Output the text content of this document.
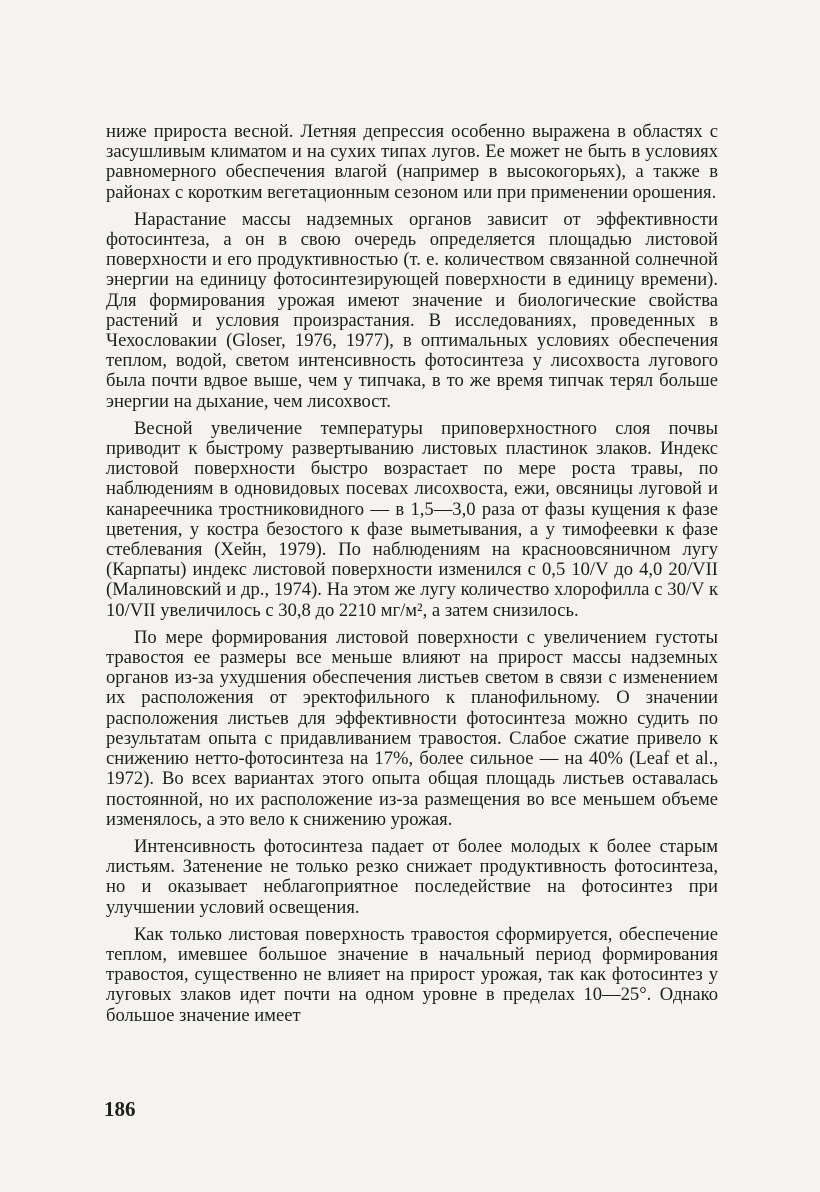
ниже прироста весной. Летняя депрессия особенно выражена в областях с засушливым климатом и на сухих типах лугов. Ее может не быть в условиях равномерного обеспечения влагой (например в высокогорьях), а также в районах с коротким вегетационным сезоном или при применении орошения.

Нарастание массы надземных органов зависит от эффективности фотосинтеза, а он в свою очередь определяется площадью листовой поверхности и его продуктивностью (т. е. количеством связанной солнечной энергии на единицу фотосинтезирующей поверхности в единицу времени). Для формирования урожая имеют значение и биологические свойства растений и условия произрастания. В исследованиях, проведенных в Чехословакии (Gloser, 1976, 1977), в оптимальных условиях обеспечения теплом, водой, светом интенсивность фотосинтеза у лисохвоста лугового была почти вдвое выше, чем у типчака, в то же время типчак терял больше энергии на дыхание, чем лисохвост.

Весной увеличение температуры приповерхностного слоя почвы приводит к быстрому развертыванию листовых пластинок злаков. Индекс листовой поверхности быстро возрастает по мере роста травы, по наблюдениям в одновидовых посевах лисохвоста, ежи, овсяницы луговой и канареечника тростниковидного — в 1,5—3,0 раза от фазы кущения к фазе цветения, у костра безостого к фазе выметывания, а у тимофеевки к фазе стеблевания (Хейн, 1979). По наблюдениям на красноовсяничном лугу (Карпаты) индекс листовой поверхности изменился с 0,5 10/V до 4,0 20/VII (Малиновский и др., 1974). На этом же лугу количество хлорофилла с 30/V к 10/VII увеличилось с 30,8 до 2210 мг/м², а затем снизилось.

По мере формирования листовой поверхности с увеличением густоты травостоя ее размеры все меньше влияют на прирост массы надземных органов из-за ухудшения обеспечения листьев светом в связи с изменением их расположения от эректофильного к планофильному. О значении расположения листьев для эффективности фотосинтеза можно судить по результатам опыта с придавливанием травостоя. Слабое сжатие привело к снижению нетто-фотосинтеза на 17%, более сильное — на 40% (Leaf et al., 1972). Во всех вариантах этого опыта общая площадь листьев оставалась постоянной, но их расположение из-за размещения во все меньшем объеме изменялось, а это вело к снижению урожая.

Интенсивность фотосинтеза падает от более молодых к более старым листьям. Затенение не только резко снижает продуктивность фотосинтеза, но и оказывает неблагоприятное последействие на фотосинтез при улучшении условий освещения.

Как только листовая поверхность травостоя сформируется, обеспечение теплом, имевшее большое значение в начальный период формирования травостоя, существенно не влияет на прирост урожая, так как фотосинтез у луговых злаков идет почти на одном уровне в пределах 10—25°. Однако большое значение имеет

186
